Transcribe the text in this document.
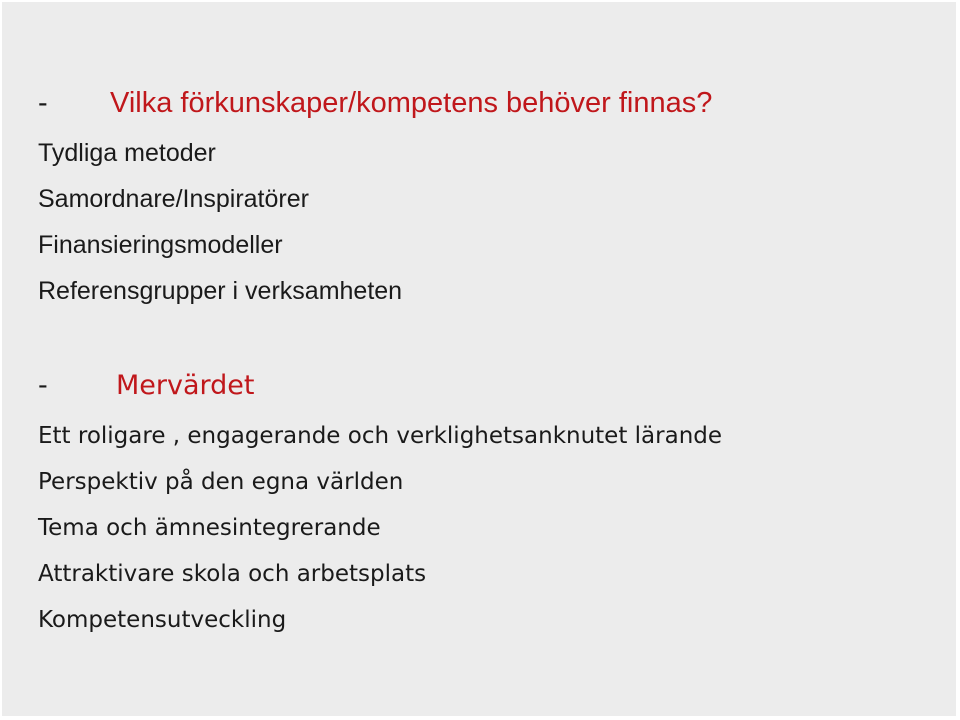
- Vilka förkunskaper/kompetens behöver finnas?
Tydliga metoder
Samordnare/Inspiratörer
Finansieringsmodeller
Referensgrupper i verksamheten
-	Mervärdet
Ett roligare , engagerande och verklighetsanknutet lärande
Perspektiv på den egna världen
Tema och ämnesintegrerande
Attraktivare skola och arbetsplats
Kompetensutveckling
